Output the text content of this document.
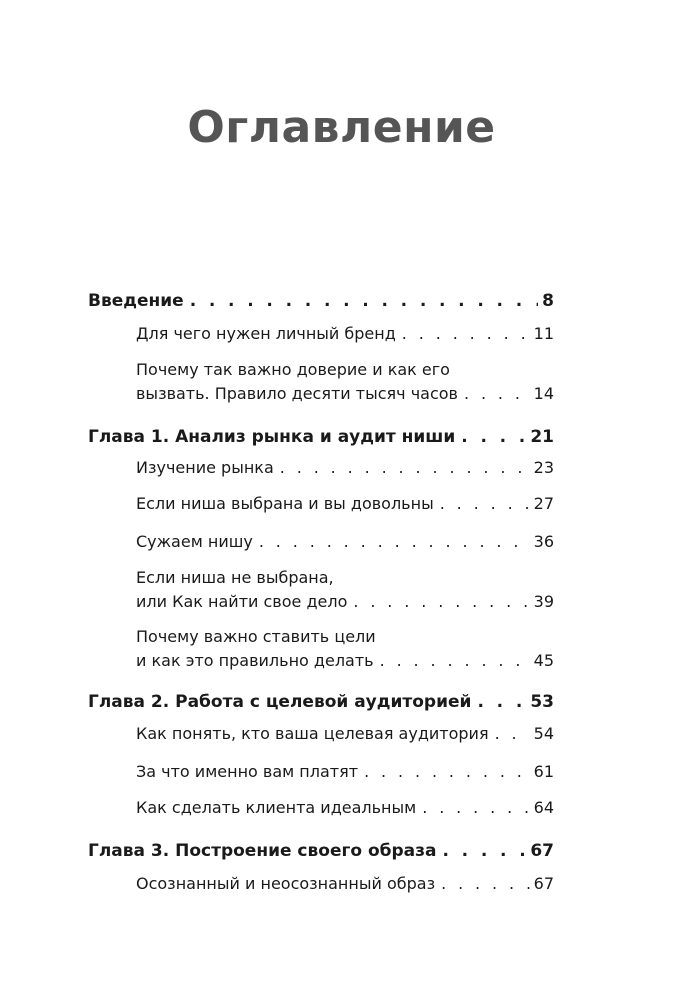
Оглавление
Введение . . .	8
Для чего нужен личный бренд . . .	11
Почему так важно доверие и как его
вызвать. Правило десяти тысяч часов . . .	14
Глава 1. Анализ рынка и аудит ниши . . .	21
Изучение рынка . . .	23
Если ниша выбрана и вы довольны . . .	27
Сужаем нишу . . .	36
Если ниша не выбрана,
или Как найти свое дело . . .	39
Почему важно ставить цели
и как это правильно делать . . .	45
Глава 2. Работа с целевой аудиторией . . .	53
Как понять, кто ваша целевая аудитория . . .	54
За что именно вам платят . . .	61
Как сделать клиента идеальным . . .	64
Глава 3. Построение своего образа . . .	67
Осознанный и неосознанный образ . . .	67
